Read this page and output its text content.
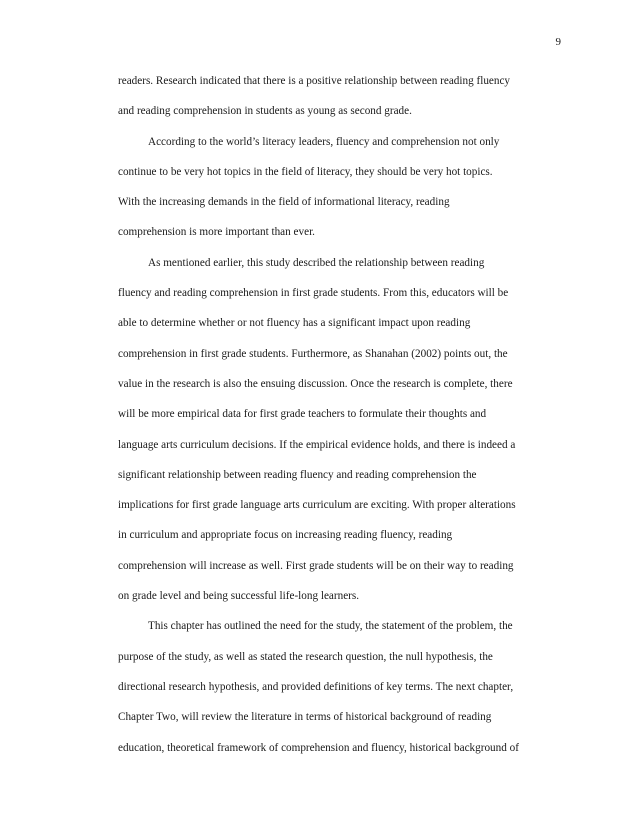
9
readers. Research indicated that there is a positive relationship between reading fluency
and reading comprehension in students as young as second grade.
According to the world’s literacy leaders, fluency and comprehension not only
continue to be very hot topics in the field of literacy, they should be very hot topics.
With the increasing demands in the field of informational literacy, reading
comprehension is more important than ever.
As mentioned earlier, this study described the relationship between reading
fluency and reading comprehension in first grade students. From this, educators will be
able to determine whether or not fluency has a significant impact upon reading
comprehension in first grade students. Furthermore, as Shanahan (2002) points out, the
value in the research is also the ensuing discussion. Once the research is complete, there
will be more empirical data for first grade teachers to formulate their thoughts and
language arts curriculum decisions. If the empirical evidence holds, and there is indeed a
significant relationship between reading fluency and reading comprehension the
implications for first grade language arts curriculum are exciting. With proper alterations
in curriculum and appropriate focus on increasing reading fluency, reading
comprehension will increase as well. First grade students will be on their way to reading
on grade level and being successful life-long learners.
This chapter has outlined the need for the study, the statement of the problem, the
purpose of the study, as well as stated the research question, the null hypothesis, the
directional research hypothesis, and provided definitions of key terms. The next chapter,
Chapter Two, will review the literature in terms of historical background of reading
education, theoretical framework of comprehension and fluency, historical background of
